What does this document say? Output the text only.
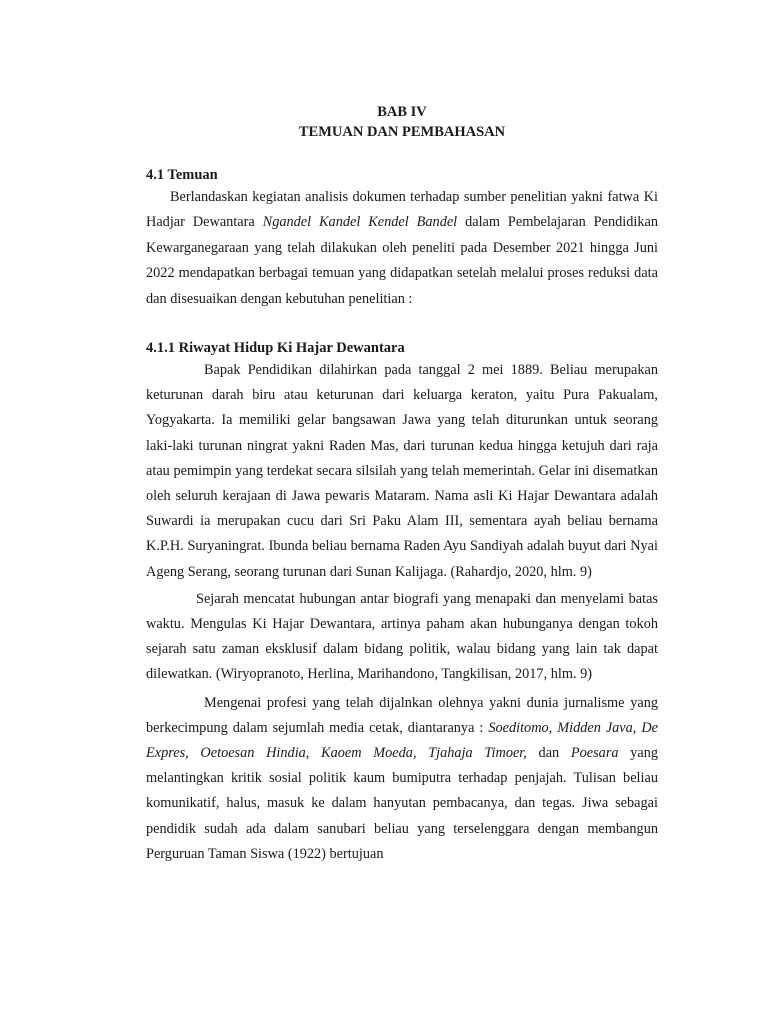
BAB IV
TEMUAN DAN PEMBAHASAN
4.1 Temuan

Berlandaskan kegiatan analisis dokumen terhadap sumber penelitian yakni fatwa Ki Hadjar Dewantara Ngandel Kandel Kendel Bandel dalam Pembelajaran Pendidikan Kewarganegaraan yang telah dilakukan oleh peneliti pada Desember 2021 hingga Juni 2022 mendapatkan berbagai temuan yang didapatkan setelah melalui proses reduksi data dan disesuaikan dengan kebutuhan penelitian :

4.1.1 Riwayat Hidup Ki Hajar Dewantara

Bapak Pendidikan dilahirkan pada tanggal 2 mei 1889. Beliau merupakan keturunan darah biru atau keturunan dari keluarga keraton, yaitu Pura Pakualam, Yogyakarta. Ia memiliki gelar bangsawan Jawa yang telah diturunkan untuk seorang laki-laki turunan ningrat yakni Raden Mas, dari turunan kedua hingga ketujuh dari raja atau pemimpin yang terdekat secara silsilah yang telah memerintah. Gelar ini disematkan oleh seluruh kerajaan di Jawa pewaris Mataram. Nama asli Ki Hajar Dewantara adalah Suwardi ia merupakan cucu dari Sri Paku Alam III, sementara ayah beliau bernama K.P.H. Suryaningrat. Ibunda beliau bernama Raden Ayu Sandiyah adalah buyut dari Nyai Ageng Serang, seorang turunan dari Sunan Kalijaga. (Rahardjo, 2020, hlm. 9)

Sejarah mencatat hubungan antar biografi yang menapaki dan menyelami batas waktu. Mengulas Ki Hajar Dewantara, artinya paham akan hubunganya dengan tokoh sejarah satu zaman eksklusif dalam bidang politik, walau bidang yang lain tak dapat dilewatkan. (Wiryopranoto, Herlina, Marihandono, Tangkilisan, 2017, hlm. 9)

Mengenai profesi yang telah dijalnkan olehnya yakni dunia jurnalisme yang berkecimpung dalam sejumlah media cetak, diantaranya : Soeditomo, Midden Java, De Expres, Oetoesan Hindia, Kaoem Moeda, Tjahaja Timoer, dan Poesara yang melantingkan kritik sosial politik kaum bumiputra terhadap penjajah. Tulisan beliau komunikatif, halus, masuk ke dalam hanyutan pembacanya, dan tegas. Jiwa sebagai pendidik sudah ada dalam sanubari beliau yang terselenggara dengan membangun Perguruan Taman Siswa (1922) bertujuan
